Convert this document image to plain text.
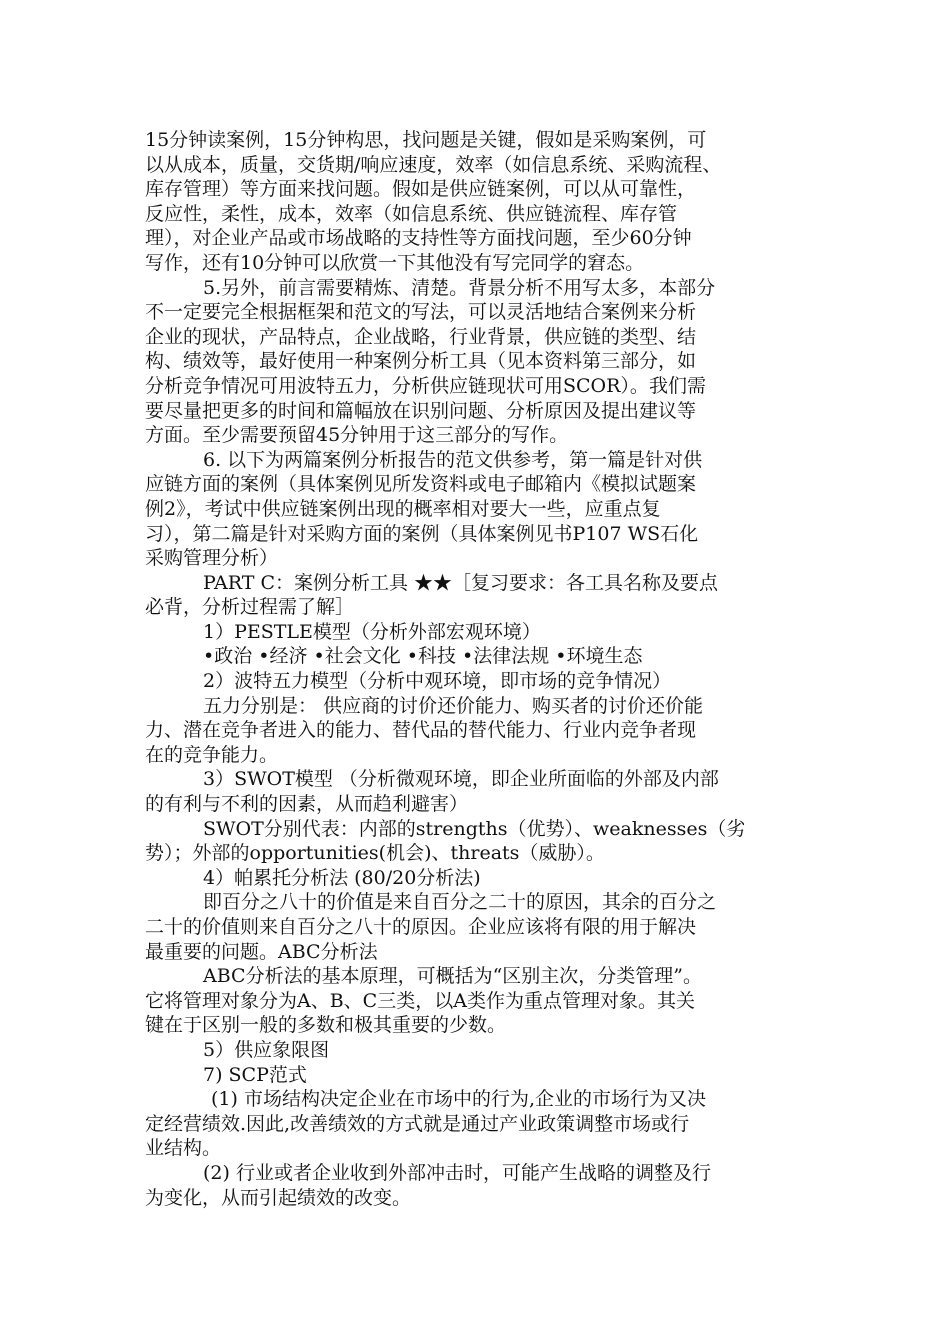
15分钟读案例，15分钟构思，找问题是关键，假如是采购案例，可
以从成本，质量，交货期/响应速度，效率（如信息系统、采购流程、
库存管理）等方面来找问题。假如是供应链案例，可以从可靠性，
反应性，柔性，成本，效率（如信息系统、供应链流程、库存管
理），对企业产品或市场战略的支持性等方面找问题，至少60分钟
写作，还有10分钟可以欣赏一下其他没有写完同学的窘态。
5.另外，前言需要精炼、清楚。背景分析不用写太多，本部分
不一定要完全根据框架和范文的写法，可以灵活地结合案例来分析
企业的现状，产品特点，企业战略，行业背景，供应链的类型、结
构、绩效等，最好使用一种案例分析工具（见本资料第三部分，如
分析竞争情况可用波特五力，分析供应链现状可用SCOR）。我们需
要尽量把更多的时间和篇幅放在识别问题、分析原因及提出建议等
方面。至少需要预留45分钟用于这三部分的写作。
6. 以下为两篇案例分析报告的范文供参考，第一篇是针对供
应链方面的案例（具体案例见所发资料或电子邮箱内《模拟试题案
例2》，考试中供应链案例出现的概率相对要大一些，应重点复
习），第二篇是针对采购方面的案例（具体案例见书P107 WS石化
采购管理分析）
PART C：案例分析工具 ★★［复习要求：各工具名称及要点
必背，分析过程需了解］
1）PESTLE模型（分析外部宏观环境）
•政治 •经济 •社会文化 •科技 •法律法规 •环境生态
2）波特五力模型（分析中观环境，即市场的竞争情况）
五力分别是： 供应商的讨价还价能力、购买者的讨价还价能
力、潜在竞争者进入的能力、替代品的替代能力、行业内竞争者现
在的竞争能力。
3）SWOT模型 （分析微观环境，即企业所面临的外部及内部
的有利与不利的因素，从而趋利避害）
SWOT分别代表：内部的strengths（优势）、weaknesses（劣
势）；外部的opportunities(机会)、threats（威胁）。
4）帕累托分析法 (80/20分析法)
即百分之八十的价值是来自百分之二十的原因，其余的百分之
二十的价值则来自百分之八十的原因。企业应该将有限的用于解决
最重要的问题。ABC分析法
ABC分析法的基本原理，可概括为“区别主次，分类管理”。
它将管理对象分为A、B、C三类，以A类作为重点管理对象。其关
键在于区别一般的多数和极其重要的少数。
5）供应象限图
7) SCP范式
(1) 市场结构决定企业在市场中的行为,企业的市场行为又决
定经营绩效.因此,改善绩效的方式就是通过产业政策调整市场或行
业结构。
(2) 行业或者企业收到外部冲击时，可能产生战略的调整及行
为变化，从而引起绩效的改变。
